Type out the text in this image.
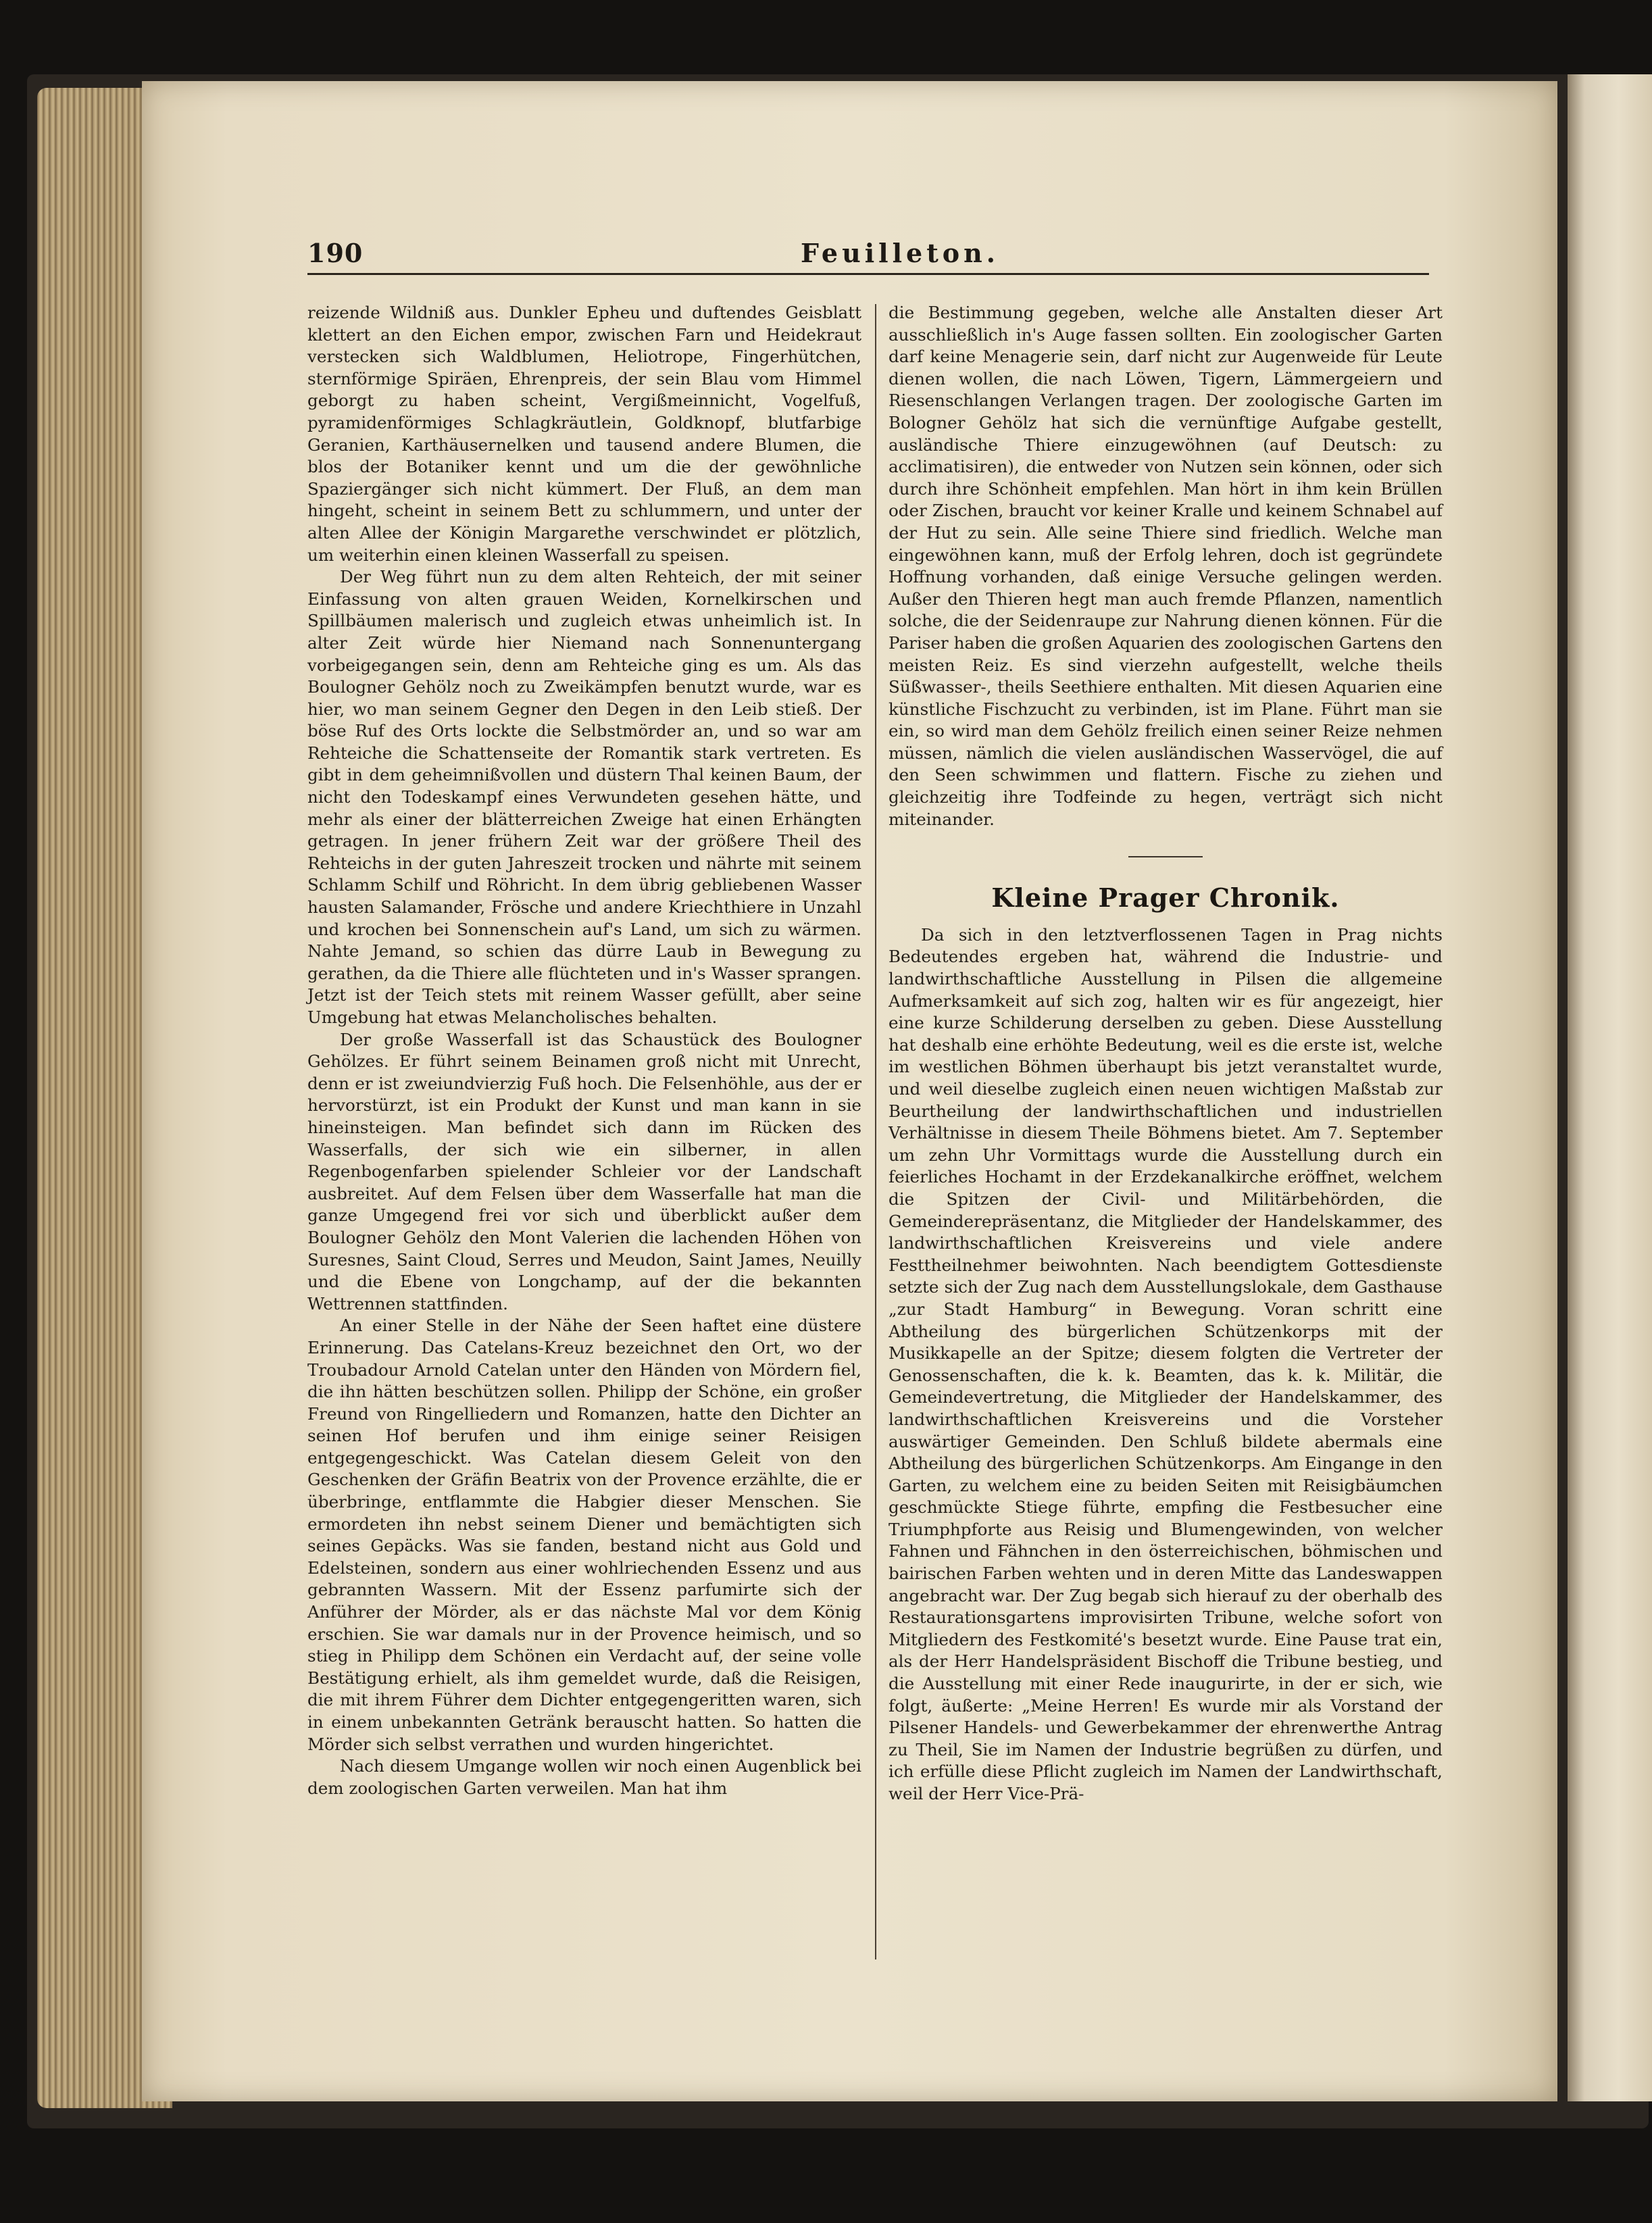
190	Feuilleton.

reizende Wildniß aus. Dunkler Epheu und duftendes Geisblatt klettert an den Eichen empor, zwischen Farn und Heidekraut verstecken sich Waldblumen, Heliotrope, Fingerhütchen, sternförmige Spiräen, Ehrenpreis, der sein Blau vom Himmel geborgt zu haben scheint, Vergißmeinnicht, Vogelfuß, pyramidenförmiges Schlagkräutlein, Goldknopf, blutfarbige Geranien, Karthäusernelken und tausend andere Blumen, die blos der Botaniker kennt und um die der gewöhnliche Spaziergänger sich nicht kümmert. Der Fluß, an dem man hingeht, scheint in seinem Bett zu schlummern, und unter der alten Allee der Königin Margarethe verschwindet er plötzlich, um weiterhin einen kleinen Wasserfall zu speisen.

Der Weg führt nun zu dem alten Rehteich, der mit seiner Einfassung von alten grauen Weiden, Kornelkirschen und Spillbäumen malerisch und zugleich etwas unheimlich ist. In alter Zeit würde hier Niemand nach Sonnenuntergang vorbeigegangen sein, denn am Rehteiche ging es um. Als das Boulogner Gehölz noch zu Zweikämpfen benutzt wurde, war es hier, wo man seinem Gegner den Degen in den Leib stieß. Der böse Ruf des Orts lockte die Selbstmörder an, und so war am Rehteiche die Schattenseite der Romantik stark vertreten. Es gibt in dem geheimnißvollen und düstern Thal keinen Baum, der nicht den Todeskampf eines Verwundeten gesehen hätte, und mehr als einer der blätterreichen Zweige hat einen Erhängten getragen. In jener frühern Zeit war der größere Theil des Rehteichs in der guten Jahreszeit trocken und nährte mit seinem Schlamm Schilf und Röhricht. In dem übrig gebliebenen Wasser hausten Salamander, Frösche und andere Kriechthiere in Unzahl und krochen bei Sonnenschein auf's Land, um sich zu wärmen. Nahte Jemand, so schien das dürre Laub in Bewegung zu gerathen, da die Thiere alle flüchteten und in's Wasser sprangen. Jetzt ist der Teich stets mit reinem Wasser gefüllt, aber seine Umgebung hat etwas Melancholisches behalten.

Der große Wasserfall ist das Schaustück des Boulogner Gehölzes. Er führt seinem Beinamen groß nicht mit Unrecht, denn er ist zweiundvierzig Fuß hoch. Die Felsenhöhle, aus der er hervorstürzt, ist ein Produkt der Kunst und man kann in sie hineinsteigen. Man befindet sich dann im Rücken des Wasserfalls, der sich wie ein silberner, in allen Regenbogenfarben spielender Schleier vor der Landschaft ausbreitet. Auf dem Felsen über dem Wasserfalle hat man die ganze Umgegend frei vor sich und überblickt außer dem Boulogner Gehölz den Mont Valerien die lachenden Höhen von Suresnes, Saint Cloud, Serres und Meudon, Saint James, Neuilly und die Ebene von Longchamp, auf der die bekannten Wettrennen stattfinden.

An einer Stelle in der Nähe der Seen haftet eine düstere Erinnerung. Das Catelans-Kreuz bezeichnet den Ort, wo der Troubadour Arnold Catelan unter den Händen von Mördern fiel, die ihn hätten beschützen sollen. Philipp der Schöne, ein großer Freund von Ringelliedern und Romanzen, hatte den Dichter an seinen Hof berufen und ihm einige seiner Reisigen entgegengeschickt. Was Catelan diesem Geleit von den Geschenken der Gräfin Beatrix von der Provence erzählte, die er überbringe, entflammte die Habgier dieser Menschen. Sie ermordeten ihn nebst seinem Diener und bemächtigten sich seines Gepäcks. Was sie fanden, bestand nicht aus Gold und Edelsteinen, sondern aus einer wohlriechenden Essenz und aus gebrannten Wassern. Mit der Essenz parfumirte sich der Anführer der Mörder, als er das nächste Mal vor dem König erschien. Sie war damals nur in der Provence heimisch, und so stieg in Philipp dem Schönen ein Verdacht auf, der seine volle Bestätigung erhielt, als ihm gemeldet wurde, daß die Reisigen, die mit ihrem Führer dem Dichter entgegengeritten waren, sich in einem unbekannten Getränk berauscht hatten. So hatten die Mörder sich selbst verrathen und wurden hingerichtet.

Nach diesem Umgange wollen wir noch einen Augenblick bei dem zoologischen Garten verweilen. Man hat ihm

die Bestimmung gegeben, welche alle Anstalten dieser Art ausschließlich in's Auge fassen sollten. Ein zoologischer Garten darf keine Menagerie sein, darf nicht zur Augenweide für Leute dienen wollen, die nach Löwen, Tigern, Lämmergeiern und Riesenschlangen Verlangen tragen. Der zoologische Garten im Bologner Gehölz hat sich die vernünftige Aufgabe gestellt, ausländische Thiere einzugewöhnen (auf Deutsch: zu acclimatisiren), die entweder von Nutzen sein können, oder sich durch ihre Schönheit empfehlen. Man hört in ihm kein Brüllen oder Zischen, braucht vor keiner Kralle und keinem Schnabel auf der Hut zu sein. Alle seine Thiere sind friedlich. Welche man eingewöhnen kann, muß der Erfolg lehren, doch ist gegründete Hoffnung vorhanden, daß einige Versuche gelingen werden. Außer den Thieren hegt man auch fremde Pflanzen, namentlich solche, die der Seidenraupe zur Nahrung dienen können. Für die Pariser haben die großen Aquarien des zoologischen Gartens den meisten Reiz. Es sind vierzehn aufgestellt, welche theils Süßwasser-, theils Seethiere enthalten. Mit diesen Aquarien eine künstliche Fischzucht zu verbinden, ist im Plane. Führt man sie ein, so wird man dem Gehölz freilich einen seiner Reize nehmen müssen, nämlich die vielen ausländischen Wasservögel, die auf den Seen schwimmen und flattern. Fische zu ziehen und gleichzeitig ihre Todfeinde zu hegen, verträgt sich nicht miteinander.

Kleine Prager Chronik.

Da sich in den letztverflossenen Tagen in Prag nichts Bedeutendes ergeben hat, während die Industrie- und landwirthschaftliche Ausstellung in Pilsen die allgemeine Aufmerksamkeit auf sich zog, halten wir es für angezeigt, hier eine kurze Schilderung derselben zu geben. Diese Ausstellung hat deshalb eine erhöhte Bedeutung, weil es die erste ist, welche im westlichen Böhmen überhaupt bis jetzt veranstaltet wurde, und weil dieselbe zugleich einen neuen wichtigen Maßstab zur Beurtheilung der landwirthschaftlichen und industriellen Verhältnisse in diesem Theile Böhmens bietet. Am 7. September um zehn Uhr Vormittags wurde die Ausstellung durch ein feierliches Hochamt in der Erzdekanalkirche eröffnet, welchem die Spitzen der Civil- und Militärbehörden, die Gemeinderepräsentanz, die Mitglieder der Handelskammer, des landwirthschaftlichen Kreisvereins und viele andere Festtheilnehmer beiwohnten. Nach beendigtem Gottesdienste setzte sich der Zug nach dem Ausstellungslokale, dem Gasthause „zur Stadt Hamburg“ in Bewegung. Voran schritt eine Abtheilung des bürgerlichen Schützenkorps mit der Musikkapelle an der Spitze; diesem folgten die Vertreter der Genossenschaften, die k. k. Beamten, das k. k. Militär, die Gemeindevertretung, die Mitglieder der Handelskammer, des landwirthschaftlichen Kreisvereins und die Vorsteher auswärtiger Gemeinden. Den Schluß bildete abermals eine Abtheilung des bürgerlichen Schützenkorps. Am Eingange in den Garten, zu welchem eine zu beiden Seiten mit Reisigbäumchen geschmückte Stiege führte, empfing die Festbesucher eine Triumphpforte aus Reisig und Blumengewinden, von welcher Fahnen und Fähnchen in den österreichischen, böhmischen und bairischen Farben wehten und in deren Mitte das Landeswappen angebracht war. Der Zug begab sich hierauf zu der oberhalb des Restaurationsgartens improvisirten Tribune, welche sofort von Mitgliedern des Festkomité's besetzt wurde. Eine Pause trat ein, als der Herr Handelspräsident Bischoff die Tribune bestieg, und die Ausstellung mit einer Rede inaugurirte, in der er sich, wie folgt, äußerte: „Meine Herren! Es wurde mir als Vorstand der Pilsener Handels- und Gewerbekammer der ehrenwerthe Antrag zu Theil, Sie im Namen der Industrie begrüßen zu dürfen, und ich erfülle diese Pflicht zugleich im Namen der Landwirthschaft, weil der Herr Vice-Prä-
